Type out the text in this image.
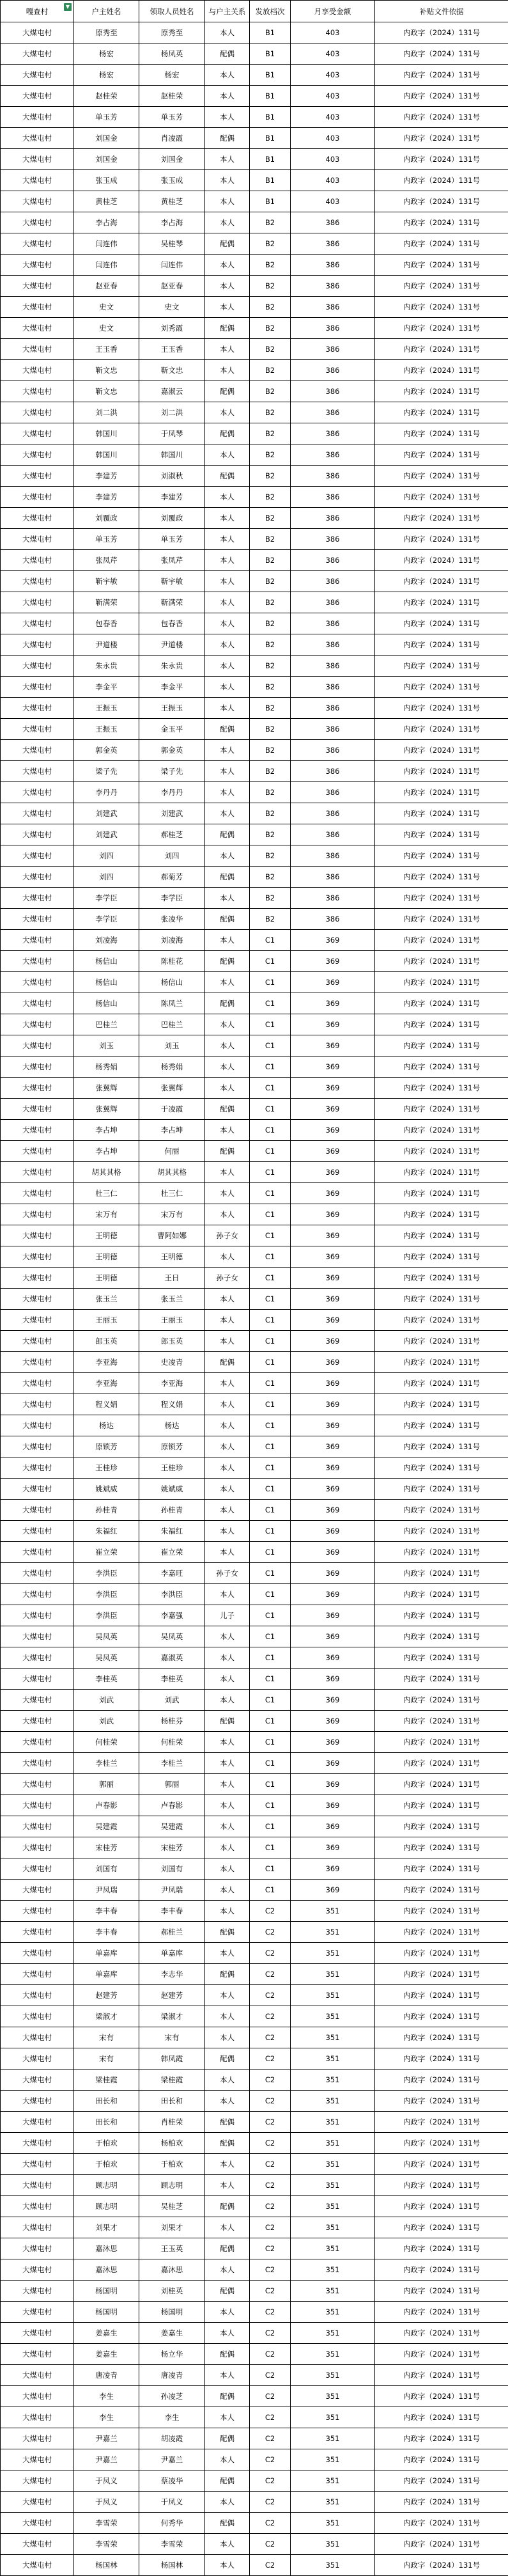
嘎查村 ▼	户主姓名	领取人员姓名	与户主关系	发放档次	月享受金额	补贴文件依据
大煤屯村	原秀至	原秀至	本人	B1	403	内政字（2024）131号
大煤屯村	杨宏	杨凤英	配偶	B1	403	内政字（2024）131号
大煤屯村	杨宏	杨宏	本人	B1	403	内政字（2024）131号
大煤屯村	赵桂荣	赵桂荣	本人	B1	403	内政字（2024）131号
大煤屯村	单玉芳	单玉芳	本人	B1	403	内政字（2024）131号
大煤屯村	刘国金	肖凌霞	配偶	B1	403	内政字（2024）131号
大煤屯村	刘国金	刘国金	本人	B1	403	内政字（2024）131号
大煤屯村	张玉成	张玉成	本人	B1	403	内政字（2024）131号
大煤屯村	黄桂芝	黄桂芝	本人	B1	403	内政字（2024）131号
大煤屯村	李占海	李占海	本人	B2	386	内政字（2024）131号
大煤屯村	闫连伟	吴桂琴	配偶	B2	386	内政字（2024）131号
大煤屯村	闫连伟	闫连伟	本人	B2	386	内政字（2024）131号
大煤屯村	赵亚春	赵亚春	本人	B2	386	内政字（2024）131号
大煤屯村	史文	史文	本人	B2	386	内政字（2024）131号
大煤屯村	史文	刘秀霞	配偶	B2	386	内政字（2024）131号
大煤屯村	王玉香	王玉香	本人	B2	386	内政字（2024）131号
大煤屯村	靳文忠	靳文忠	本人	B2	386	内政字（2024）131号
大煤屯村	靳文忠	嘉淑云	配偶	B2	386	内政字（2024）131号
大煤屯村	刘二洪	刘二洪	本人	B2	386	内政字（2024）131号
大煤屯村	韩国川	于凤琴	配偶	B2	386	内政字（2024）131号
大煤屯村	韩国川	韩国川	本人	B2	386	内政字（2024）131号
大煤屯村	李建芳	刘淑秋	配偶	B2	386	内政字（2024）131号
大煤屯村	李建芳	李建芳	本人	B2	386	内政字（2024）131号
大煤屯村	刘覆政	刘覆政	本人	B2	386	内政字（2024）131号
大煤屯村	单玉芳	单玉芳	本人	B2	386	内政字（2024）131号
大煤屯村	张凤芹	张凤芹	本人	B2	386	内政字（2024）131号
大煤屯村	靳宇敏	靳宇敏	本人	B2	386	内政字（2024）131号
大煤屯村	靳满荣	靳满荣	本人	B2	386	内政字（2024）131号
大煤屯村	包春香	包春香	本人	B2	386	内政字（2024）131号
大煤屯村	尹道楼	尹道楼	本人	B2	386	内政字（2024）131号
大煤屯村	朱永贵	朱永贵	本人	B2	386	内政字（2024）131号
大煤屯村	李金平	李金平	本人	B2	386	内政字（2024）131号
大煤屯村	王振玉	王振玉	本人	B2	386	内政字（2024）131号
大煤屯村	王振玉	金玉平	配偶	B2	386	内政字（2024）131号
大煤屯村	郭金英	郭金英	本人	B2	386	内政字（2024）131号
大煤屯村	梁子先	梁子先	本人	B2	386	内政字（2024）131号
大煤屯村	李丹丹	李丹丹	本人	B2	386	内政字（2024）131号
大煤屯村	刘建武	刘建武	本人	B2	386	内政字（2024）131号
大煤屯村	刘建武	郝桂芝	配偶	B2	386	内政字（2024）131号
大煤屯村	刘四	刘四	本人	B2	386	内政字（2024）131号
大煤屯村	刘四	郝菊芳	配偶	B2	386	内政字（2024）131号
大煤屯村	李学臣	李学臣	本人	B2	386	内政字（2024）131号
大煤屯村	李学臣	张凌华	配偶	B2	386	内政字（2024）131号
大煤屯村	刘凌海	刘凌海	本人	C1	369	内政字（2024）131号
大煤屯村	杨信山	陈桂花	配偶	C1	369	内政字（2024）131号
大煤屯村	杨信山	杨信山	本人	C1	369	内政字（2024）131号
大煤屯村	杨信山	陈凤兰	配偶	C1	369	内政字（2024）131号
大煤屯村	巴桂兰	巴桂兰	本人	C1	369	内政字（2024）131号
大煤屯村	刘玉	刘玉	本人	C1	369	内政字（2024）131号
大煤屯村	杨秀娟	杨秀娟	本人	C1	369	内政字（2024）131号
大煤屯村	张翼辉	张翼辉	本人	C1	369	内政字（2024）131号
大煤屯村	张翼辉	于凌霞	配偶	C1	369	内政字（2024）131号
大煤屯村	李占坤	李占坤	本人	C1	369	内政字（2024）131号
大煤屯村	李占坤	何丽	配偶	C1	369	内政字（2024）131号
大煤屯村	胡其其格	胡其其格	本人	C1	369	内政字（2024）131号
大煤屯村	杜三仁	杜三仁	本人	C1	369	内政字（2024）131号
大煤屯村	宋万有	宋万有	本人	C1	369	内政字（2024）131号
大煤屯村	王明德	曹阿如娜	孙子女	C1	369	内政字（2024）131号
大煤屯村	王明德	王明德	本人	C1	369	内政字（2024）131号
大煤屯村	王明德	王日	孙子女	C1	369	内政字（2024）131号
大煤屯村	张玉兰	张玉兰	本人	C1	369	内政字（2024）131号
大煤屯村	王丽玉	王丽玉	本人	C1	369	内政字（2024）131号
大煤屯村	郎玉英	郎玉英	本人	C1	369	内政字（2024）131号
大煤屯村	李亚海	史凌青	配偶	C1	369	内政字（2024）131号
大煤屯村	李亚海	李亚海	本人	C1	369	内政字（2024）131号
大煤屯村	程义娟	程义娟	本人	C1	369	内政字（2024）131号
大煤屯村	杨达	杨达	本人	C1	369	内政字（2024）131号
大煤屯村	原锁芳	原锁芳	本人	C1	369	内政字（2024）131号
大煤屯村	王桂珍	王桂珍	本人	C1	369	内政字（2024）131号
大煤屯村	姚斌威	姚斌威	本人	C1	369	内政字（2024）131号
大煤屯村	孙桂青	孙桂青	本人	C1	369	内政字（2024）131号
大煤屯村	朱福红	朱福红	本人	C1	369	内政字（2024）131号
大煤屯村	崔立荣	崔立荣	本人	C1	369	内政字（2024）131号
大煤屯村	李洪臣	李嘉旺	孙子女	C1	369	内政字（2024）131号
大煤屯村	李洪臣	李洪臣	本人	C1	369	内政字（2024）131号
大煤屯村	李洪臣	李嘉强	儿子	C1	369	内政字（2024）131号
大煤屯村	吴凤英	吴凤英	本人	C1	369	内政字（2024）131号
大煤屯村	吴凤英	嘉淑英	本人	C1	369	内政字（2024）131号
大煤屯村	李桂英	李桂英	本人	C1	369	内政字（2024）131号
大煤屯村	刘武	刘武	本人	C1	369	内政字（2024）131号
大煤屯村	刘武	杨桂芬	配偶	C1	369	内政字（2024）131号
大煤屯村	何桂荣	何桂荣	本人	C1	369	内政字（2024）131号
大煤屯村	李桂兰	李桂兰	本人	C1	369	内政字（2024）131号
大煤屯村	郭丽	郭丽	本人	C1	369	内政字（2024）131号
大煤屯村	卢春影	卢春影	本人	C1	369	内政字（2024）131号
大煤屯村	吴建霞	吴建霞	本人	C1	369	内政字（2024）131号
大煤屯村	宋桂芳	宋桂芳	本人	C1	369	内政字（2024）131号
大煤屯村	刘国有	刘国有	本人	C1	369	内政字（2024）131号
大煤屯村	尹凤瑞	尹凤瑞	本人	C1	369	内政字（2024）131号
大煤屯村	李丰春	李丰春	本人	C2	351	内政字（2024）131号
大煤屯村	李丰春	郝桂兰	配偶	C2	351	内政字（2024）131号
大煤屯村	单嘉库	单嘉库	本人	C2	351	内政字（2024）131号
大煤屯村	单嘉库	李志华	配偶	C2	351	内政字（2024）131号
大煤屯村	赵建芳	赵建芳	本人	C2	351	内政字（2024）131号
大煤屯村	梁淑才	梁淑才	本人	C2	351	内政字（2024）131号
大煤屯村	宋有	宋有	本人	C2	351	内政字（2024）131号
大煤屯村	宋有	韩凤霞	配偶	C2	351	内政字（2024）131号
大煤屯村	梁桂霞	梁桂霞	本人	C2	351	内政字（2024）131号
大煤屯村	田长和	田长和	本人	C2	351	内政字（2024）131号
大煤屯村	田长和	肖桂荣	配偶	C2	351	内政字（2024）131号
大煤屯村	于柏欢	杨柏欢	配偶	C2	351	内政字（2024）131号
大煤屯村	于柏欢	于柏欢	本人	C2	351	内政字（2024）131号
大煤屯村	顾志明	顾志明	本人	C2	351	内政字（2024）131号
大煤屯村	顾志明	吴桂芝	配偶	C2	351	内政字（2024）131号
大煤屯村	刘果才	刘果才	本人	C2	351	内政字（2024）131号
大煤屯村	嘉沐思	王玉英	配偶	C2	351	内政字（2024）131号
大煤屯村	嘉沐思	嘉沐思	本人	C2	351	内政字（2024）131号
大煤屯村	杨国明	刘桂英	配偶	C2	351	内政字（2024）131号
大煤屯村	杨国明	杨国明	本人	C2	351	内政字（2024）131号
大煤屯村	姜嘉生	姜嘉生	本人	C2	351	内政字（2024）131号
大煤屯村	姜嘉生	杨立华	配偶	C2	351	内政字（2024）131号
大煤屯村	唐凌青	唐凌青	本人	C2	351	内政字（2024）131号
大煤屯村	李生	孙凌芝	配偶	C2	351	内政字（2024）131号
大煤屯村	李生	李生	本人	C2	351	内政字（2024）131号
大煤屯村	尹嘉兰	胡凌霞	配偶	C2	351	内政字（2024）131号
大煤屯村	尹嘉兰	尹嘉兰	本人	C2	351	内政字（2024）131号
大煤屯村	于凤义	蔡凌华	配偶	C2	351	内政字（2024）131号
大煤屯村	于凤义	于凤义	本人	C2	351	内政字（2024）131号
大煤屯村	李雪荣	何秀华	配偶	C2	351	内政字（2024）131号
大煤屯村	李雪荣	李雪荣	本人	C2	351	内政字（2024）131号
大煤屯村	杨国林	杨国林	本人	C2	351	内政字（2024）131号
